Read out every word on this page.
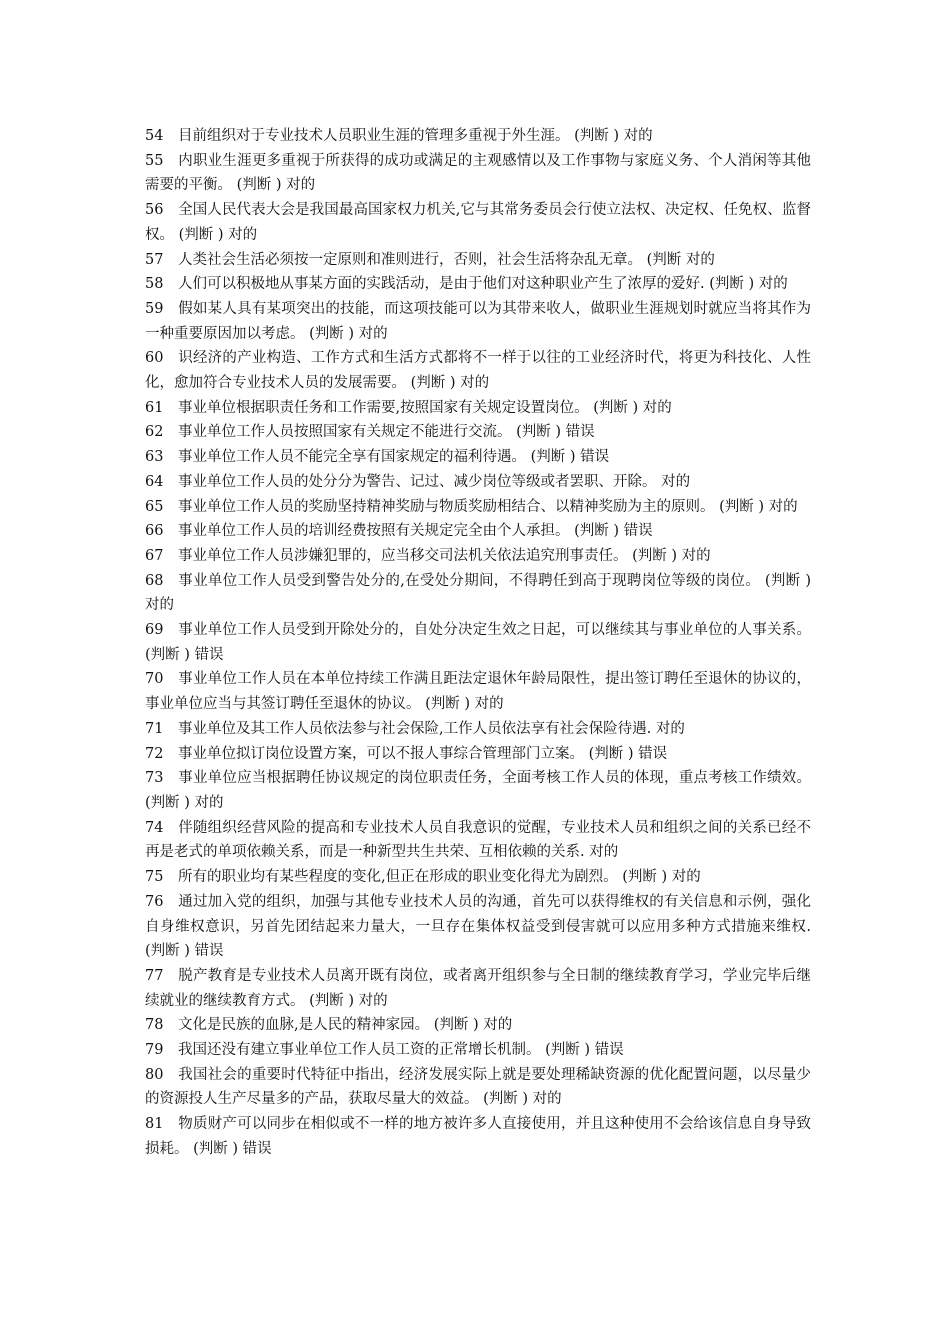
54 目前组织对于专业技术人员职业生涯的管理多重视于外生涯。 (判断 ) 对的

55 内职业生涯更多重视于所获得的成功或满足的主观感情以及工作事物与家庭义务、个人消闲等其他需要的平衡。 (判断 ) 对的

56 全国人民代表大会是我国最高国家权力机关,它与其常务委员会行使立法权、决定权、任免权、监督权。 (判断 ) 对的

57 人类社会生活必须按一定原则和准则进行，否则，社会生活将杂乱无章。 (判断 对的

58 人们可以积极地从事某方面的实践活动，是由于他们对这种职业产生了浓厚的爱好. (判断 ) 对的

59 假如某人具有某项突出的技能，而这项技能可以为其带来收人，做职业生涯规划时就应当将其作为一种重要原因加以考虑。 (判断 ) 对的

60 识经济的产业构造、工作方式和生活方式都将不一样于以往的工业经济时代，将更为科技化、人性化，愈加符合专业技术人员的发展需要。 (判断 ) 对的

61 事业单位根据职责任务和工作需要,按照国家有关规定设置岗位。 (判断 ) 对的

62 事业单位工作人员按照国家有关规定不能进行交流。 (判断 ) 错误

63 事业单位工作人员不能完全享有国家规定的福利待遇。 (判断 ) 错误

64 事业单位工作人员的处分分为警告、记过、减少岗位等级或者罢职、开除。 对的

65 事业单位工作人员的奖励坚持精神奖励与物质奖励相结合、以精神奖励为主的原则。 (判断 ) 对的

66 事业单位工作人员的培训经费按照有关规定完全由个人承担。 (判断 ) 错误

67 事业单位工作人员涉嫌犯罪的，应当移交司法机关依法追究刑事责任。 (判断 ) 对的

68 事业单位工作人员受到警告处分的,在受处分期间，不得聘任到高于现聘岗位等级的岗位。 (判断 ) 对的

69 事业单位工作人员受到开除处分的，自处分决定生效之日起，可以继续其与事业单位的人事关系。 (判断 ) 错误

70 事业单位工作人员在本单位持续工作满且距法定退休年龄局限性，提出签订聘任至退休的协议的，事业单位应当与其签订聘任至退休的协议。 (判断 ) 对的

71 事业单位及其工作人员依法参与社会保险,工作人员依法享有社会保险待遇. 对的

72 事业单位拟订岗位设置方案，可以不报人事综合管理部门立案。 (判断 ) 错误

73 事业单位应当根据聘任协议规定的岗位职责任务，全面考核工作人员的体现，重点考核工作绩效。 (判断 ) 对的

74 伴随组织经营风险的提高和专业技术人员自我意识的觉醒，专业技术人员和组织之间的关系已经不再是老式的单项依赖关系，而是一种新型共生共荣、互相依赖的关系. 对的

75 所有的职业均有某些程度的变化,但正在形成的职业变化得尤为剧烈。 (判断 ) 对的

76 通过加入党的组织，加强与其他专业技术人员的沟通，首先可以获得维权的有关信息和示例，强化自身维权意识，另首先团结起来力量大，一旦存在集体权益受到侵害就可以应用多种方式措施来维权. (判断 ) 错误

77 脱产教育是专业技术人员离开既有岗位，或者离开组织参与全日制的继续教育学习，学业完毕后继续就业的继续教育方式。 (判断 ) 对的

78 文化是民族的血脉,是人民的精神家园。 (判断 ) 对的

79 我国还没有建立事业单位工作人员工资的正常增长机制。 (判断 ) 错误

80 我国社会的重要时代特征中指出，经济发展实际上就是要处理稀缺资源的优化配置问题，以尽量少的资源投人生产尽量多的产品，获取尽量大的效益。 (判断 ) 对的

81 物质财产可以同步在相似或不一样的地方被许多人直接使用，并且这种使用不会给该信息自身导致损耗。 (判断 ) 错误
